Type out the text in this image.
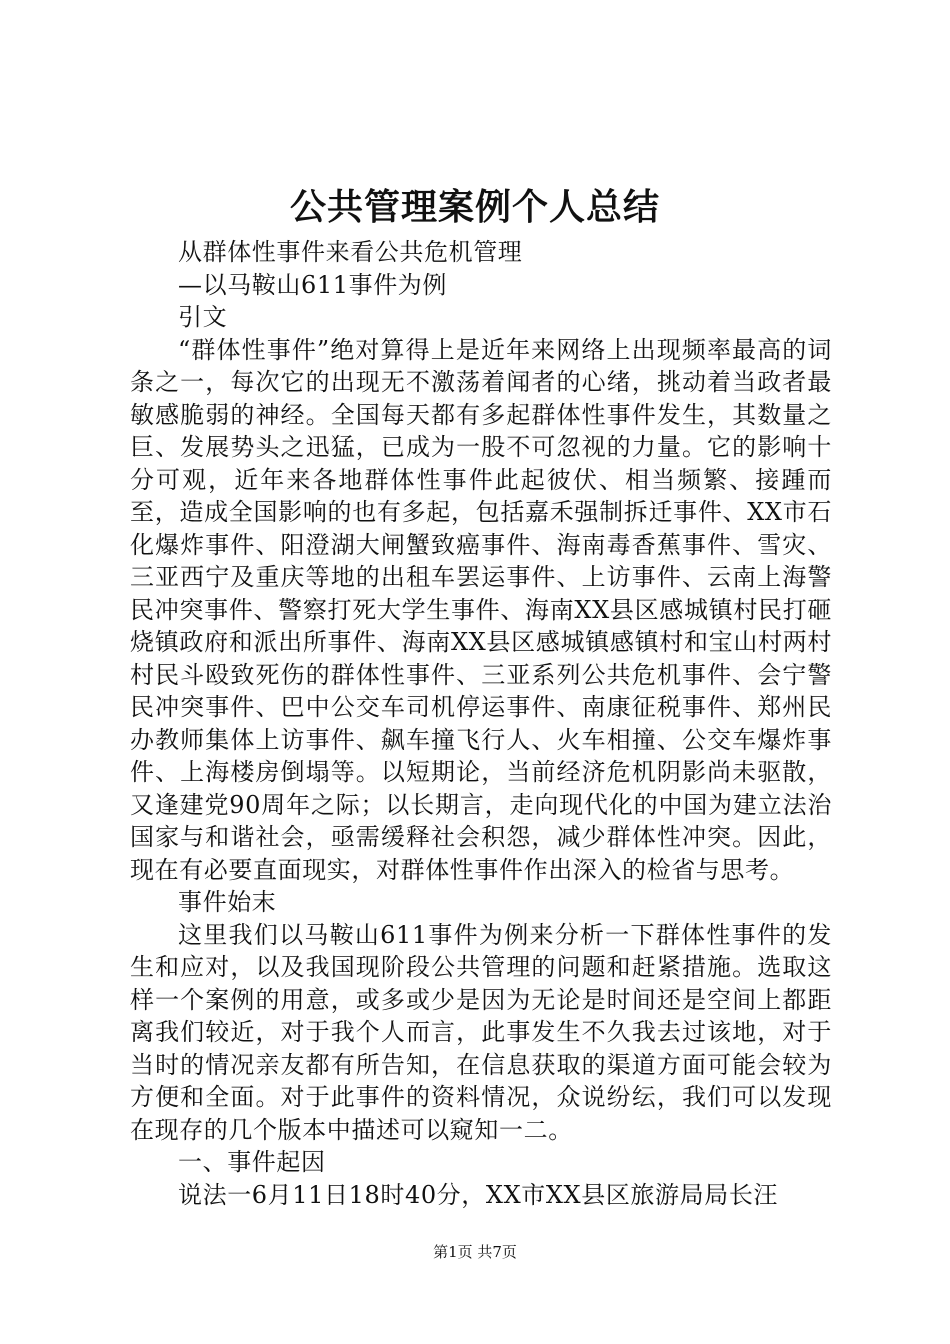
公共管理案例个人总结

从群体性事件来看公共危机管理

—以马鞍山611事件为例

引文

“群体性事件”绝对算得上是近年来网络上出现频率最高的词条之一，每次它的出现无不激荡着闻者的心绪，挑动着当政者最敏感脆弱的神经。全国每天都有多起群体性事件发生，其数量之巨、发展势头之迅猛，已成为一股不可忽视的力量。它的影响十分可观，近年来各地群体性事件此起彼伏、相当频繁、接踵而至，造成全国影响的也有多起，包括嘉禾强制拆迁事件、XX市石化爆炸事件、阳澄湖大闸蟹致癌事件、海南毒香蕉事件、雪灾、三亚西宁及重庆等地的出租车罢运事件、上访事件、云南上海警民冲突事件、警察打死大学生事件、海南XX县区感城镇村民打砸烧镇政府和派出所事件、海南XX县区感城镇感镇村和宝山村两村村民斗殴致死伤的群体性事件、三亚系列公共危机事件、会宁警民冲突事件、巴中公交车司机停运事件、南康征税事件、郑州民办教师集体上访事件、飙车撞飞行人、火车相撞、公交车爆炸事件、上海楼房倒塌等。以短期论，当前经济危机阴影尚未驱散，又逢建党90周年之际；以长期言，走向现代化的中国为建立法治国家与和谐社会，亟需缓释社会积怨，减少群体性冲突。因此，现在有必要直面现实，对群体性事件作出深入的检省与思考。

事件始末

这里我们以马鞍山611事件为例来分析一下群体性事件的发生和应对，以及我国现阶段公共管理的问题和赶紧措施。选取这样一个案例的用意，或多或少是因为无论是时间还是空间上都距离我们较近，对于我个人而言，此事发生不久我去过该地，对于当时的情况亲友都有所告知，在信息获取的渠道方面可能会较为方便和全面。对于此事件的资料情况，众说纷纭，我们可以发现在现存的几个版本中描述可以窥知一二。

一、事件起因

说法一6月11日18时40分，XX市XX县区旅游局局长汪

第1页 共7页
